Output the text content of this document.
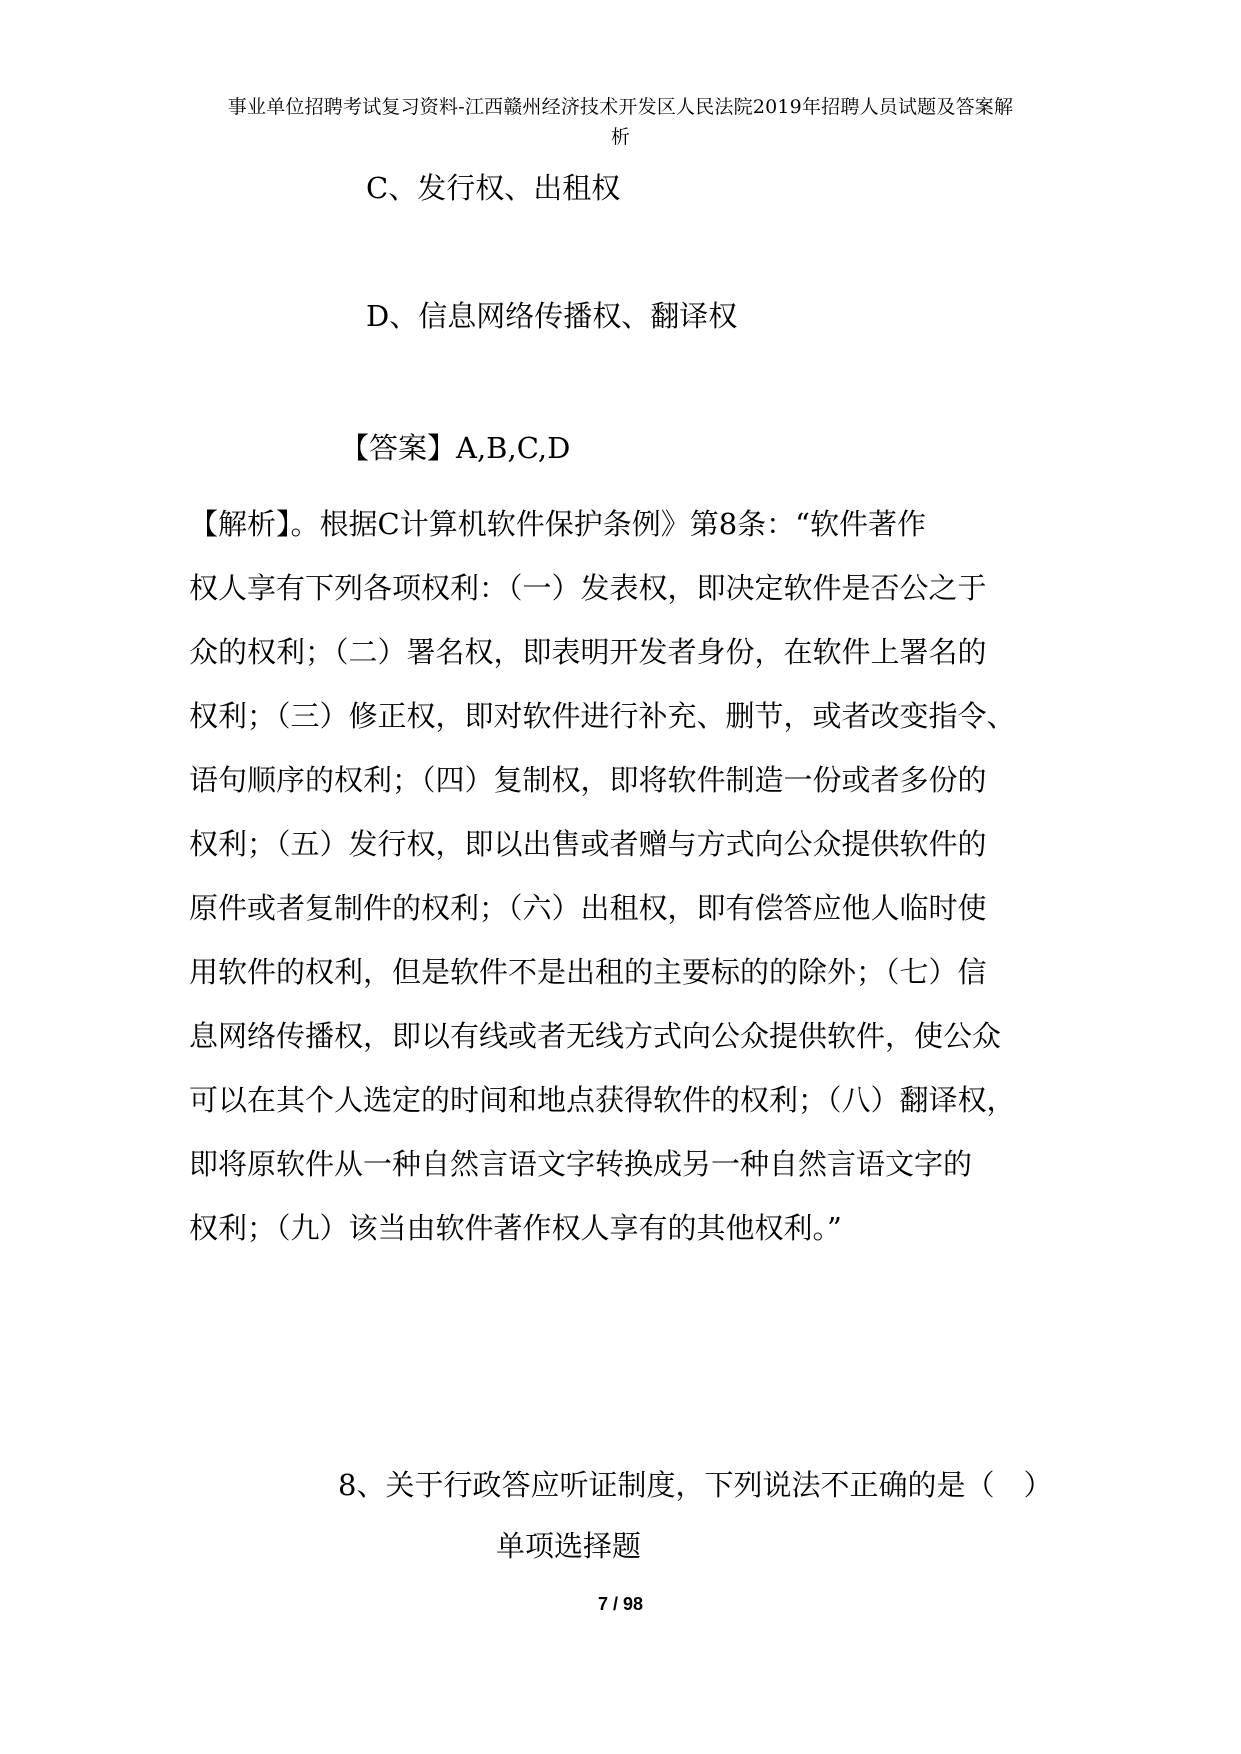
事业单位招聘考试复习资料-江西赣州经济技术开发区人民法院2019年招聘人员试题及答案解
析
C、发行权、出租权
D、信息网络传播权、翻译权
【答案】A,B,C,D
【解析】。根据C计算机软件保护条例》第8条：“软件著作
权人享有下列各项权利：（一）发表权，即决定软件是否公之于
众的权利；（二）署名权，即表明开发者身份，在软件上署名的
权利；（三）修正权，即对软件进行补充、删节，或者改变指令、
语句顺序的权利；（四）复制权，即将软件制造一份或者多份的
权利；（五）发行权，即以出售或者赠与方式向公众提供软件的
原件或者复制件的权利；（六）出租权，即有偿答应他人临时使
用软件的权利，但是软件不是出租的主要标的的除外；（七）信
息网络传播权，即以有线或者无线方式向公众提供软件，使公众
可以在其个人选定的时间和地点获得软件的权利；（八）翻译权，
即将原软件从一种自然言语文字转换成另一种自然言语文字的
权利；（九）该当由软件著作权人享有的其他权利。”
8、关于行政答应听证制度，下列说法不正确的是（　）
单项选择题
7 / 98
